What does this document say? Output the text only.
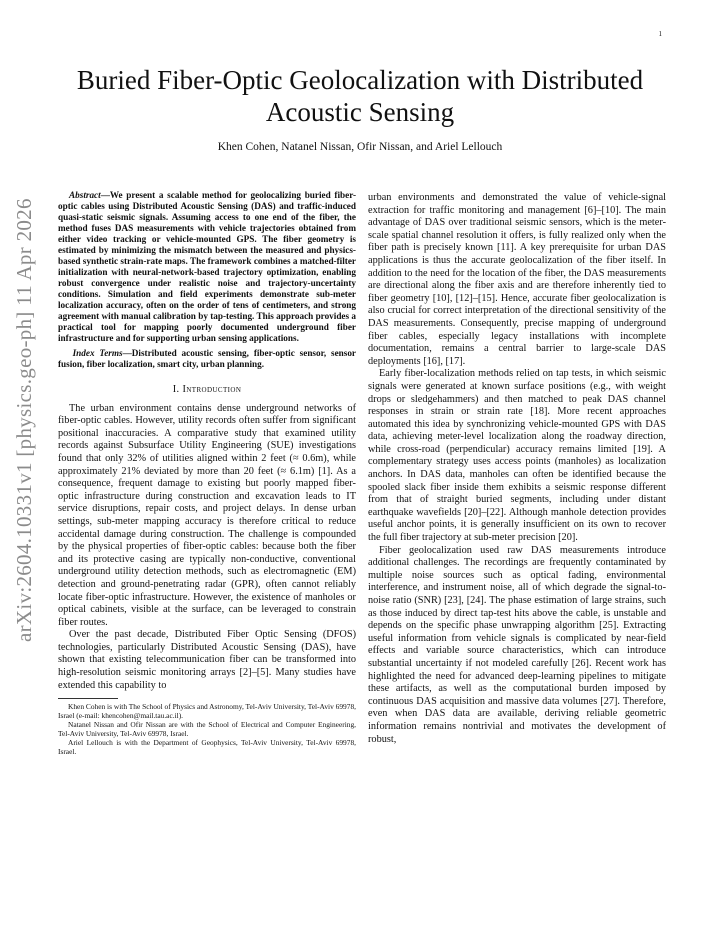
1
arXiv:2604.10331v1 [physics.geo-ph] 11 Apr 2026
Buried Fiber-Optic Geolocalization with Distributed Acoustic Sensing
Khen Cohen, Natanel Nissan, Ofir Nissan, and Ariel Lellouch
Abstract—We present a scalable method for geolocalizing buried fiber-optic cables using Distributed Acoustic Sensing (DAS) and traffic-induced quasi-static seismic signals. Assuming access to one end of the fiber, the method fuses DAS measurements with vehicle trajectories obtained from either video tracking or vehicle-mounted GPS. The fiber geometry is estimated by minimizing the mismatch between the measured and physics-based synthetic strain-rate maps. The framework combines a matched-filter initialization with neural-network-based trajectory optimization, enabling robust convergence under realistic noise and trajectory-uncertainty conditions. Simulation and field experiments demonstrate sub-meter localization accuracy, often on the order of tens of centimeters, and strong agreement with manual calibration by tap-testing. This approach provides a practical tool for mapping poorly documented underground fiber infrastructure and for supporting urban sensing applications.
Index Terms—Distributed acoustic sensing, fiber-optic sensor, sensor fusion, fiber localization, smart city, urban planning.
I. Introduction

The urban environment contains dense underground networks of fiber-optic cables. However, utility records often suffer from significant positional inaccuracies. A comparative study that examined utility records against Subsurface Utility Engineering (SUE) investigations found that only 32% of utilities aligned within 2 feet (≈ 0.6m), while approximately 21% deviated by more than 20 feet (≈ 6.1m) [1]. As a consequence, frequent damage to existing but poorly mapped fiber-optic infrastructure during construction and excavation leads to IT service disruptions, repair costs, and project delays. In dense urban settings, sub-meter mapping accuracy is therefore critical to reduce accidental damage during construction. The challenge is compounded by the physical properties of fiber-optic cables: because both the fiber and its protective casing are typically non-conductive, conventional underground utility detection methods, such as electromagnetic (EM) detection and ground-penetrating radar (GPR), often cannot reliably locate fiber-optic infrastructure. However, the existence of manholes or optical cabinets, visible at the surface, can be leveraged to constrain fiber routes.

Over the past decade, Distributed Fiber Optic Sensing (DFOS) technologies, particularly Distributed Acoustic Sensing (DAS), have shown that existing telecommunication fiber can be transformed into high-resolution seismic monitoring arrays [2]–[5]. Many studies have extended this capability to

Khen Cohen is with The School of Physics and Astronomy, Tel-Aviv University, Tel-Aviv 69978, Israel (e-mail: khencohen@mail.tau.ac.il).

Natanel Nissan and Ofir Nissan are with the School of Electrical and Computer Engineering, Tel-Aviv University, Tel-Aviv 69978, Israel.

Ariel Lellouch is with the Department of Geophysics, Tel-Aviv University, Tel-Aviv 69978, Israel.

urban environments and demonstrated the value of vehicle-signal extraction for traffic monitoring and management [6]–[10]. The main advantage of DAS over traditional seismic sensors, which is the meter-scale spatial channel resolution it offers, is fully realized only when the fiber path is precisely known [11]. A key prerequisite for urban DAS applications is thus the accurate geolocalization of the fiber itself. In addition to the need for the location of the fiber, the DAS measurements are directional along the fiber axis and are therefore inherently tied to fiber geometry [10], [12]–[15]. Hence, accurate fiber geolocalization is also crucial for correct interpretation of the directional sensitivity of the DAS measurements. Consequently, precise mapping of underground fiber cables, especially legacy installations with incomplete documentation, remains a central barrier to large-scale DAS deployments [16], [17].

Early fiber-localization methods relied on tap tests, in which seismic signals were generated at known surface positions (e.g., with weight drops or sledgehammers) and then matched to peak DAS channel responses in strain or strain rate [18]. More recent approaches automated this idea by synchronizing vehicle-mounted GPS with DAS data, achieving meter-level localization along the roadway direction, while cross-road (perpendicular) accuracy remains limited [19]. A complementary strategy uses access points (manholes) as localization anchors. In DAS data, manholes can often be identified because the spooled slack fiber inside them exhibits a seismic response different from that of straight buried segments, including under distant earthquake wavefields [20]–[22]. Although manhole detection provides useful anchor points, it is generally insufficient on its own to recover the full fiber trajectory at sub-meter precision [20].

Fiber geolocalization used raw DAS measurements introduce additional challenges. The recordings are frequently contaminated by multiple noise sources such as optical fading, environmental interference, and instrument noise, all of which degrade the signal-to-noise ratio (SNR) [23], [24]. The phase estimation of large strains, such as those induced by direct tap-test hits above the cable, is unstable and depends on the specific phase unwrapping algorithm [25]. Extracting useful information from vehicle signals is complicated by near-field effects and variable source characteristics, which can introduce substantial uncertainty if not modeled carefully [26]. Recent work has highlighted the need for advanced deep-learning pipelines to mitigate these artifacts, as well as the computational burden imposed by continuous DAS acquisition and massive data volumes [27]. Therefore, even when DAS data are available, deriving reliable geometric information remains nontrivial and motivates the development of robust,
